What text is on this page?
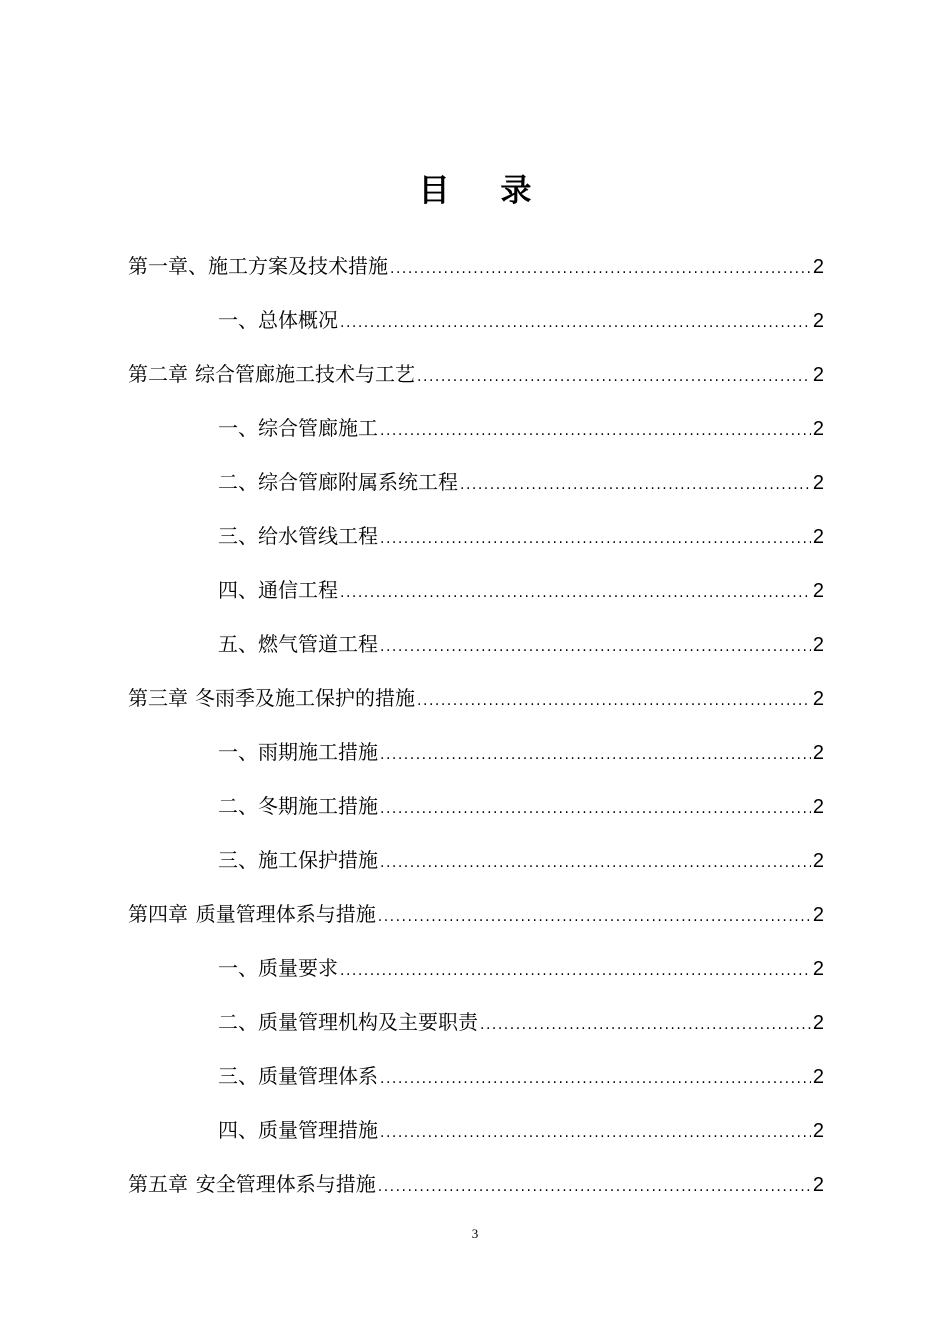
目 录
第一章、 施工方案及技术措施 .....	2
一、总体概况 .....	2
第二章 综合管廊施工技术与工艺 .....	2
一、综合管廊施工 .....	2
二、综合管廊附属系统工程 .....	2
三、给水管线工程 .....	2
四、通信工程 .....	2
五、燃气管道工程 .....	2
第三章 冬雨季及施工保护的措施 .....	2
一、雨期施工措施 .....	2
二、冬期施工措施 .....	2
三、施工保护措施 .....	2
第四章 质量管理体系与措施 .....	2
一、质量要求 .....	2
二、质量管理机构及主要职责 .....	2
三、质量管理体系 .....	2
四、质量管理措施 .....	2
第五章 安全管理体系与措施 .....	2
3
